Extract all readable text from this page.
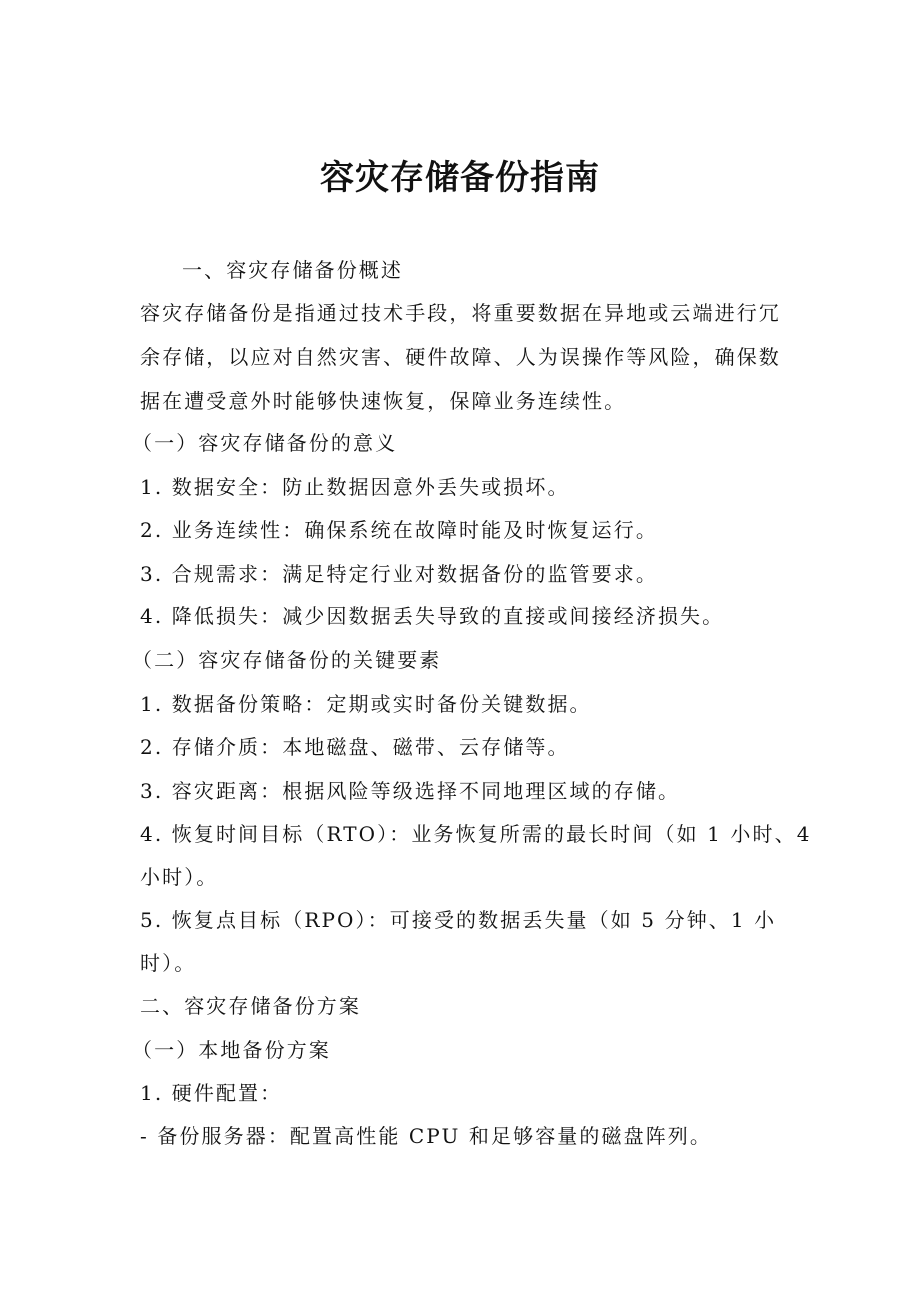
容灾存储备份指南
一、容灾存储备份概述
容灾存储备份是指通过技术手段，将重要数据在异地或云端进行冗
余存储，以应对自然灾害、硬件故障、人为误操作等风险，确保数
据在遭受意外时能够快速恢复，保障业务连续性。
（一）容灾存储备份的意义
1. 数据安全：防止数据因意外丢失或损坏。
2. 业务连续性：确保系统在故障时能及时恢复运行。
3. 合规需求：满足特定行业对数据备份的监管要求。
4. 降低损失：减少因数据丢失导致的直接或间接经济损失。
（二）容灾存储备份的关键要素
1. 数据备份策略：定期或实时备份关键数据。
2. 存储介质：本地磁盘、磁带、云存储等。
3. 容灾距离：根据风险等级选择不同地理区域的存储。
4. 恢复时间目标（RTO）：业务恢复所需的最长时间（如 1 小时、4
小时）。
5. 恢复点目标（RPO）：可接受的数据丢失量（如 5 分钟、1 小
时）。
二、容灾存储备份方案
（一）本地备份方案
1. 硬件配置：
- 备份服务器：配置高性能 CPU 和足够容量的磁盘阵列。
